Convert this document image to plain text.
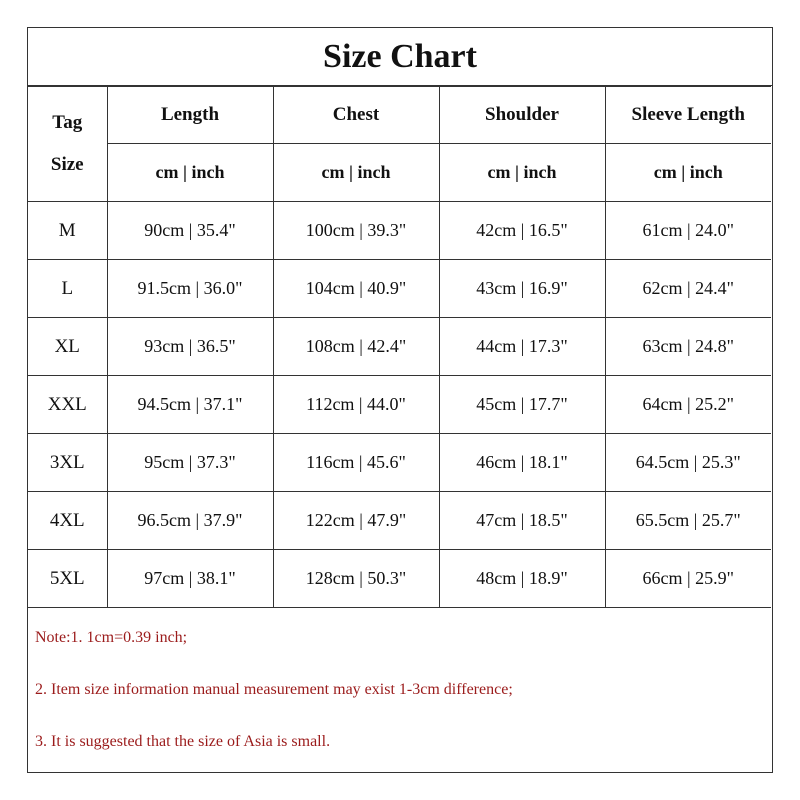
Size Chart
Tag
Size	Length	Chest	Shoulder	Sleeve Length
	cm | inch	cm | inch	cm | inch	cm | inch
M	90cm | 35.4"	100cm | 39.3"	42cm | 16.5"	61cm | 24.0"
L	91.5cm | 36.0"	104cm | 40.9"	43cm | 16.9"	62cm | 24.4"
XL	93cm | 36.5"	108cm | 42.4"	44cm | 17.3"	63cm | 24.8"
XXL	94.5cm | 37.1"	112cm | 44.0"	45cm | 17.7"	64cm | 25.2"
3XL	95cm | 37.3"	116cm | 45.6"	46cm | 18.1"	64.5cm | 25.3"
4XL	96.5cm | 37.9"	122cm | 47.9"	47cm | 18.5"	65.5cm | 25.7"
5XL	97cm | 38.1"	128cm | 50.3"	48cm | 18.9"	66cm | 25.9"
Note:1. 1cm=0.39 inch;
2. Item size information manual measurement may exist 1-3cm difference;
3. It is suggested that the size of Asia is small.
